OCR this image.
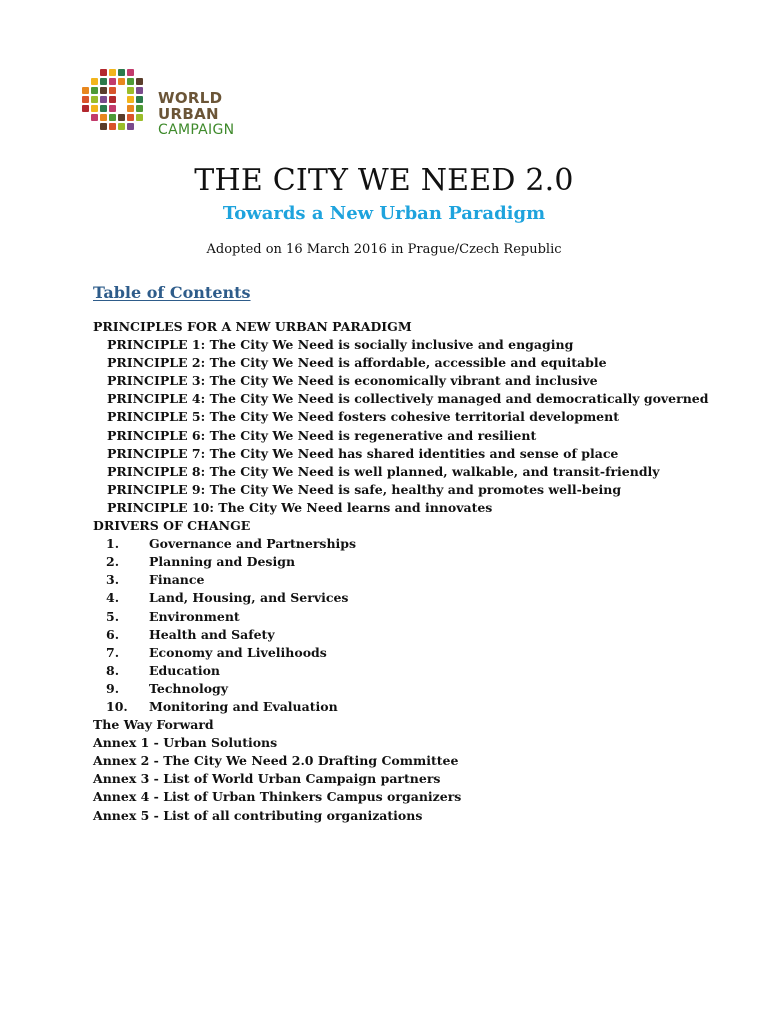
WORLD
URBAN
CAMPAIGN
THE CITY WE NEED 2.0
Towards a New Urban Paradigm
Adopted on 16 March 2016 in Prague/Czech Republic
Table of Contents
PRINCIPLES FOR A NEW URBAN PARADIGM
PRINCIPLE 1: The City We Need is socially inclusive and engaging
PRINCIPLE 2: The City We Need is affordable, accessible and equitable
PRINCIPLE 3: The City We Need is economically vibrant and inclusive
PRINCIPLE 4: The City We Need is collectively managed and democratically governed
PRINCIPLE 5: The City We Need fosters cohesive territorial development
PRINCIPLE 6: The City We Need is regenerative and resilient
PRINCIPLE 7: The City We Need has shared identities and sense of place
PRINCIPLE 8: The City We Need is well planned, walkable, and transit-friendly
PRINCIPLE 9: The City We Need is safe, healthy and promotes well-being
PRINCIPLE 10: The City We Need learns and innovates
DRIVERS OF CHANGE
1. Governance and Partnerships
2. Planning and Design
3. Finance
4. Land, Housing, and Services
5. Environment
6. Health and Safety
7. Economy and Livelihoods
8. Education
9. Technology
10. Monitoring and Evaluation
The Way Forward
Annex 1 - Urban Solutions
Annex 2 - The City We Need 2.0 Drafting Committee
Annex 3 - List of World Urban Campaign partners
Annex 4 - List of Urban Thinkers Campus organizers
Annex 5 - List of all contributing organizations
